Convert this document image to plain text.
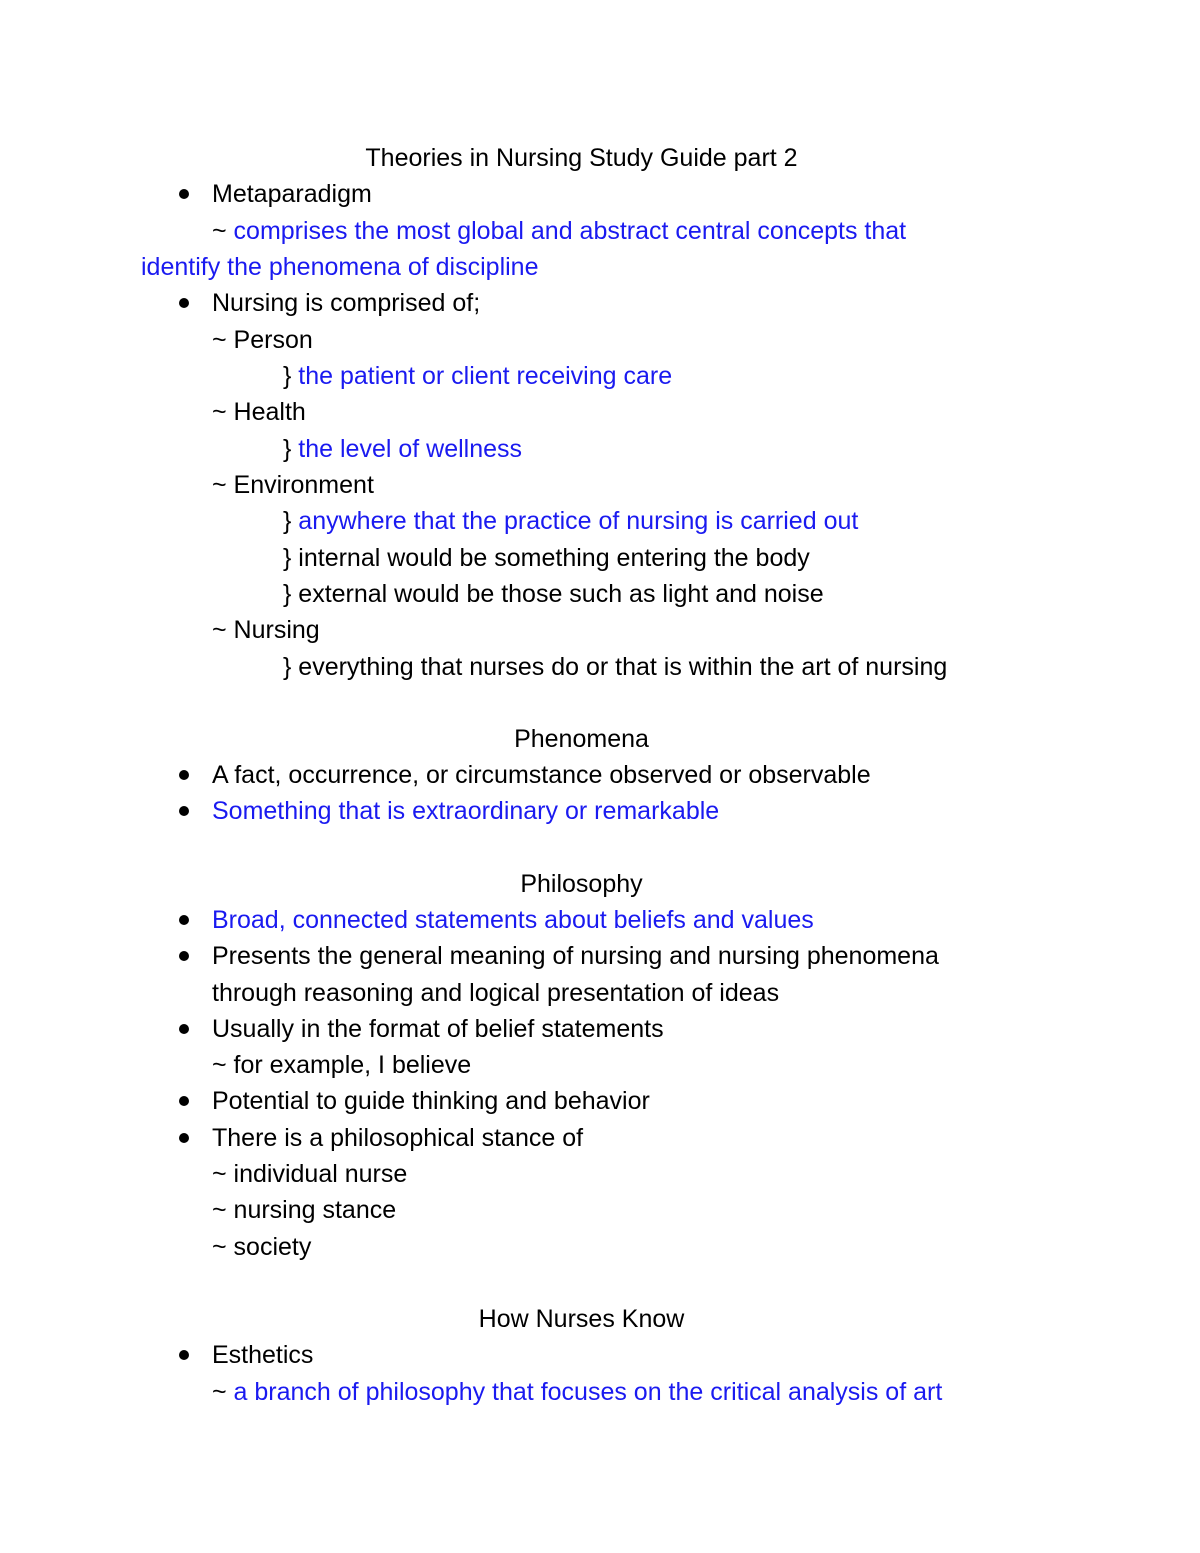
Theories in Nursing Study Guide part 2
Metaparadigm
~ comprises the most global and abstract central concepts that
identify the phenomena of discipline
Nursing is comprised of;
~ Person
} the patient or client receiving care
~ Health
} the level of wellness
~ Environment
} anywhere that the practice of nursing is carried out
} internal would be something entering the body
} external would be those such as light and noise
~ Nursing
} everything that nurses do or that is within the art of nursing
Phenomena
A fact, occurrence, or circumstance observed or observable
Something that is extraordinary or remarkable
Philosophy
Broad, connected statements about beliefs and values
Presents the general meaning of nursing and nursing phenomena
through reasoning and logical presentation of ideas
Usually in the format of belief statements
~ for example, I believe
Potential to guide thinking and behavior
There is a philosophical stance of
~ individual nurse
~ nursing stance
~ society
How Nurses Know
Esthetics
~ a branch of philosophy that focuses on the critical analysis of art
